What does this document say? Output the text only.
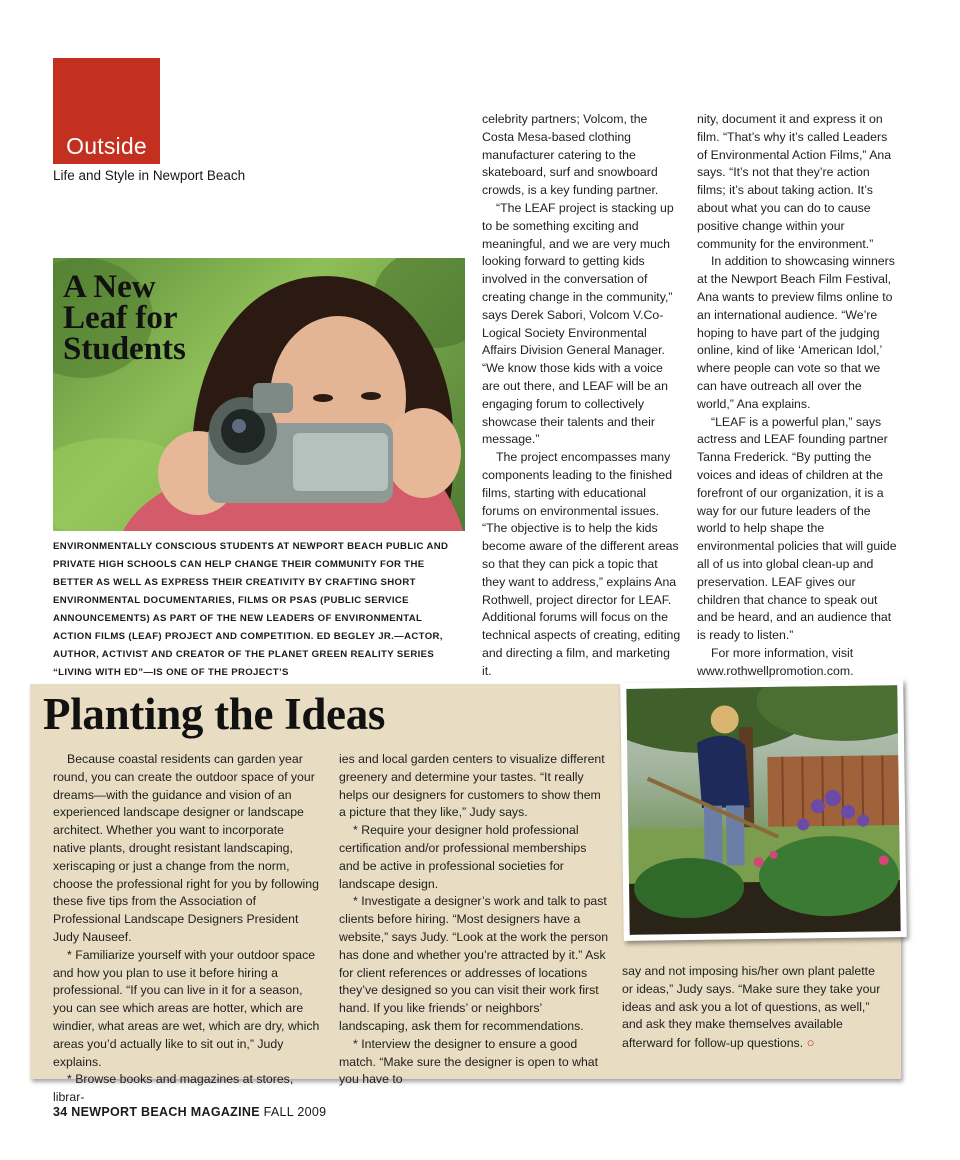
Outside
Life and Style in Newport Beach
A New
Leaf for
Students

ENVIRONMENTALLY CONSCIOUS STUDENTS AT NEWPORT BEACH PUBLIC AND PRIVATE HIGH SCHOOLS CAN HELP CHANGE THEIR COMMUNITY FOR THE BETTER AS WELL AS EXPRESS THEIR CREATIVITY BY CRAFTING SHORT ENVIRONMENTAL DOCUMENTARIES, FILMS OR PSAS (PUBLIC SERVICE ANNOUNCEMENTS) AS PART OF THE NEW LEADERS OF ENVIRONMENTAL ACTION FILMS (LEAF) PROJECT AND COMPETITION. ED BEGLEY JR.—ACTOR, AUTHOR, ACTIVIST AND CREATOR OF THE PLANET GREEN REALITY SERIES “LIVING WITH ED”—IS ONE OF THE PROJECT’S

celebrity partners; Volcom, the Costa Mesa-based clothing manufacturer catering to the skateboard, surf and snowboard crowds, is a key funding partner.

“The LEAF project is stacking up to be something exciting and meaningful, and we are very much looking forward to getting kids involved in the conversation of creating change in the community,” says Derek Sabori, Volcom V.Co-Logical Society Environmental Affairs Division General Manager. “We know those kids with a voice are out there, and LEAF will be an engaging forum to collectively showcase their talents and their message.”

The project encompasses many components leading to the finished films, starting with educational forums on environmental issues. “The objective is to help the kids become aware of the different areas so that they can pick a topic that they want to address,” explains Ana Rothwell, project director for LEAF. Additional forums will focus on the technical aspects of creating, editing and directing a film, and marketing it.

nity, document it and express it on film. “That’s why it’s called Leaders of Environmental Action Films,” Ana says. “It’s not that they’re action films; it’s about taking action. It’s about what you can do to cause positive change within your community for the environment.”

In addition to showcasing winners at the Newport Beach Film Festival, Ana wants to preview films online to an international audience. “We’re hoping to have part of the judging online, kind of like ‘American Idol,’ where people can vote so that we can have outreach all over the world,” Ana explains.

“LEAF is a powerful plan,” says actress and LEAF founding partner Tanna Frederick. “By putting the voices and ideas of children at the forefront of our organization, it is a way for our future leaders of the world to help shape the environmental policies that will guide all of us into global clean-up and preservation. LEAF gives our children that chance to speak out and be heard, and an audience that is ready to listen.”

For more information, visit www.rothwellpromotion.com.

Planting the Ideas

Because coastal residents can garden year round, you can create the outdoor space of your dreams—with the guidance and vision of an experienced landscape designer or landscape architect. Whether you want to incorporate native plants, drought resistant landscaping, xeriscaping or just a change from the norm, choose the professional right for you by following these five tips from the Association of Professional Landscape Designers President Judy Nauseef.

* Familiarize yourself with your outdoor space and how you plan to use it before hiring a professional. “If you can live in it for a season, you can see which areas are hotter, which are windier, what areas are wet, which are dry, which areas you’d actually like to sit out in,” Judy explains.

* Browse books and magazines at stores, librar-

ies and local garden centers to visualize different greenery and determine your tastes. “It really helps our designers for customers to show them a picture that they like,” Judy says.

* Require your designer hold professional certification and/or professional memberships and be active in professional societies for landscape design.

* Investigate a designer’s work and talk to past clients before hiring. “Most designers have a website,” says Judy. “Look at the work the person has done and whether you’re attracted by it.” Ask for client references or addresses of locations they’ve designed so you can visit their work first hand. If you like friends’ or neighbors’ landscaping, ask them for recommendations.

* Interview the designer to ensure a good match. “Make sure the designer is open to what you have to

say and not imposing his/her own plant palette or ideas,” Judy says. “Make sure they take your ideas and ask you a lot of questions, as well,” and ask they make themselves available afterward for follow-up questions. ○

34 NEWPORT BEACH MAGAZINE FALL 2009
